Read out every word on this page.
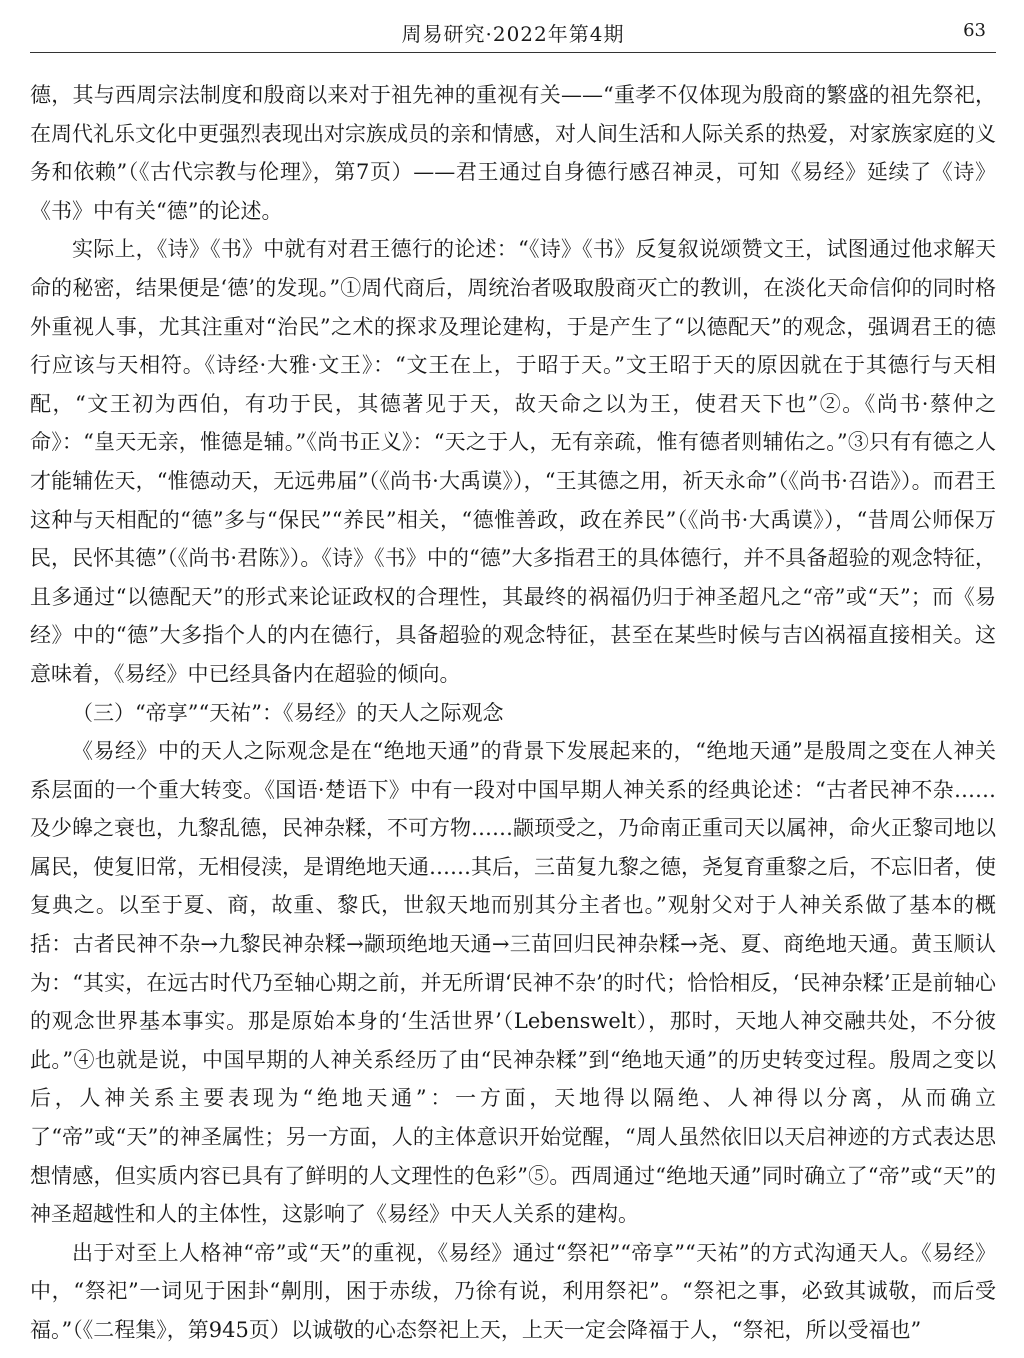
周易研究·2022年第4期	63

德，其与西周宗法制度和殷商以来对于祖先神的重视有关——“重孝不仅体现为殷商的繁盛的祖先祭祀，在周代礼乐文化中更强烈表现出对宗族成员的亲和情感，对人间生活和人际关系的热爱，对家族家庭的义务和依赖”（《古代宗教与伦理》，第7页）——君王通过自身德行感召神灵，可知《易经》延续了《诗》《书》中有关“德”的论述。

实际上，《诗》《书》中就有对君王德行的论述：“《诗》《书》反复叙说颂赞文王，试图通过他求解天命的秘密，结果便是‘德’的发现。”①周代商后，周统治者吸取殷商灭亡的教训，在淡化天命信仰的同时格外重视人事，尤其注重对“治民”之术的探求及理论建构，于是产生了“以德配天”的观念，强调君王的德行应该与天相符。《诗经·大雅·文王》：“文王在上，于昭于天。”文王昭于天的原因就在于其德行与天相配，“文王初为西伯，有功于民，其德著见于天，故天命之以为王，使君天下也”②。《尚书·蔡仲之命》：“皇天无亲，惟德是辅。”《尚书正义》：“天之于人，无有亲疏，惟有德者则辅佑之。”③只有有德之人才能辅佐天，“惟德动天，无远弗届”（《尚书·大禹谟》），“王其德之用，祈天永命”（《尚书·召诰》）。而君王这种与天相配的“德”多与“保民”“养民”相关，“德惟善政，政在养民”（《尚书·大禹谟》），“昔周公师保万民，民怀其德”（《尚书·君陈》）。《诗》《书》中的“德”大多指君王的具体德行，并不具备超验的观念特征，且多通过“以德配天”的形式来论证政权的合理性，其最终的祸福仍归于神圣超凡之“帝”或“天”；而《易经》中的“德”大多指个人的内在德行，具备超验的观念特征，甚至在某些时候与吉凶祸福直接相关。这意味着，《易经》中已经具备内在超验的倾向。

（三）“帝享”“天祐”：《易经》的天人之际观念

《易经》中的天人之际观念是在“绝地天通”的背景下发展起来的，“绝地天通”是殷周之变在人神关系层面的一个重大转变。《国语·楚语下》中有一段对中国早期人神关系的经典论述：“古者民神不杂……及少皞之衰也，九黎乱德，民神杂糅，不可方物……颛顼受之，乃命南正重司天以属神，命火正黎司地以属民，使复旧常，无相侵渎，是谓绝地天通……其后，三苗复九黎之德，尧复育重黎之后，不忘旧者，使复典之。以至于夏、商，故重、黎氏，世叙天地而别其分主者也。”观射父对于人神关系做了基本的概括：古者民神不杂→九黎民神杂糅→颛顼绝地天通→三苗回归民神杂糅→尧、夏、商绝地天通。黄玉顺认为：“其实，在远古时代乃至轴心期之前，并无所谓‘民神不杂’的时代；恰恰相反，‘民神杂糅’正是前轴心的观念世界基本事实。那是原始本身的‘生活世界’（Lebenswelt），那时，天地人神交融共处，不分彼此。”④也就是说，中国早期的人神关系经历了由“民神杂糅”到“绝地天通”的历史转变过程。殷周之变以后，人神关系主要表现为“绝地天通”：一方面，天地得以隔绝、人神得以分离，从而确立了“帝”或“天”的神圣属性；另一方面，人的主体意识开始觉醒，“周人虽然依旧以天启神迹的方式表达思想情感，但实质内容已具有了鲜明的人文理性的色彩”⑤。西周通过“绝地天通”同时确立了“帝”或“天”的神圣超越性和人的主体性，这影响了《易经》中天人关系的建构。

出于对至上人格神“帝”或“天”的重视，《易经》通过“祭祀”“帝享”“天祐”的方式沟通天人。《易经》中，“祭祀”一词见于困卦“劓刖，困于赤绂，乃徐有说，利用祭祀”。“祭祀之事，必致其诚敬，而后受福。”（《二程集》，第945页）以诚敬的心态祭祀上天，上天一定会降福于人，“祭祀，所以受福也”
